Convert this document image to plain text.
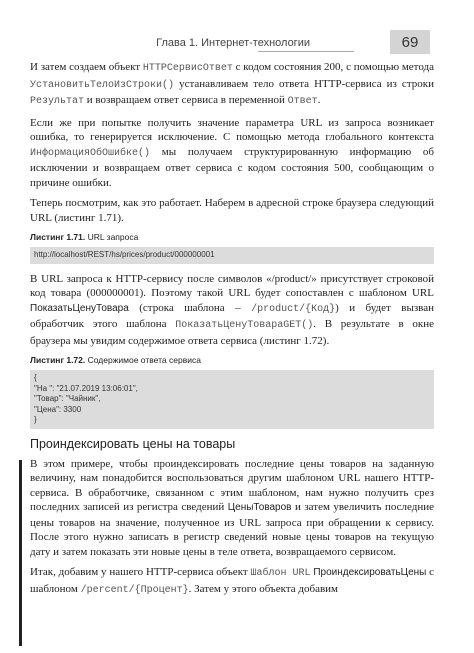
Глава 1. Интернет-технологии	69

И затем создаем объект HTTPСервисОтвет с кодом состояния 200, с помощью метода УстановитьТелоИзСтроки() устанавливаем тело ответа HTTP-сервиса из строки Результат и возвращаем ответ сервиса в переменной Ответ.

Если же при попытке получить значение параметра URL из запроса возникает ошибка, то генерируется исключение. С помощью метода глобального контекста ИнформацияОбОшибке() мы получаем структурированную информацию об исключении и возвращаем ответ сервиса с кодом состояния 500, сообщающим о причине ошибки.

Теперь посмотрим, как это работает. Наберем в адресной строке браузера следующий URL (листинг 1.71).

Листинг 1.71. URL запроса
http://localhost/REST/hs/prices/product/000000001

В URL запроса к HTTP-сервису после символов «/product/» присутствует строковой код товара (000000001). Поэтому такой URL будет сопоставлен с шаблоном URL ПоказатьЦенуТовара (строка шаблона – /product/{Код}) и будет вызван обработчик этого шаблона ПоказатьЦенуТовараGET(). В результате в окне браузера мы увидим содержимое ответа сервиса (листинг 1.72).

Листинг 1.72. Содержимое ответа сервиса
{
"На ": "21.07.2019 13:06:01",
"Товар": "Чайник",
"Цена": 3300
}
Проиндексировать цены на товары

В этом примере, чтобы проиндексировать последние цены товаров на заданную величину, нам понадобится воспользоваться другим шаблоном URL нашего HTTP-сервиса. В обработчике, связанном с этим шаблоном, нам нужно получить срез последних записей из регистра сведений ЦеныТоваров и затем увеличить последние цены товаров на значение, полученное из URL запроса при обращении к сервису. После этого нужно записать в регистр сведений новые цены товаров на текущую дату и затем показать эти новые цены в теле ответа, возвращаемого сервисом.

Итак, добавим у нашего HTTP-сервиса объект Шаблон URL ПроиндексироватьЦены с шаблоном /percent/{Процент}. Затем у этого объекта добавим
